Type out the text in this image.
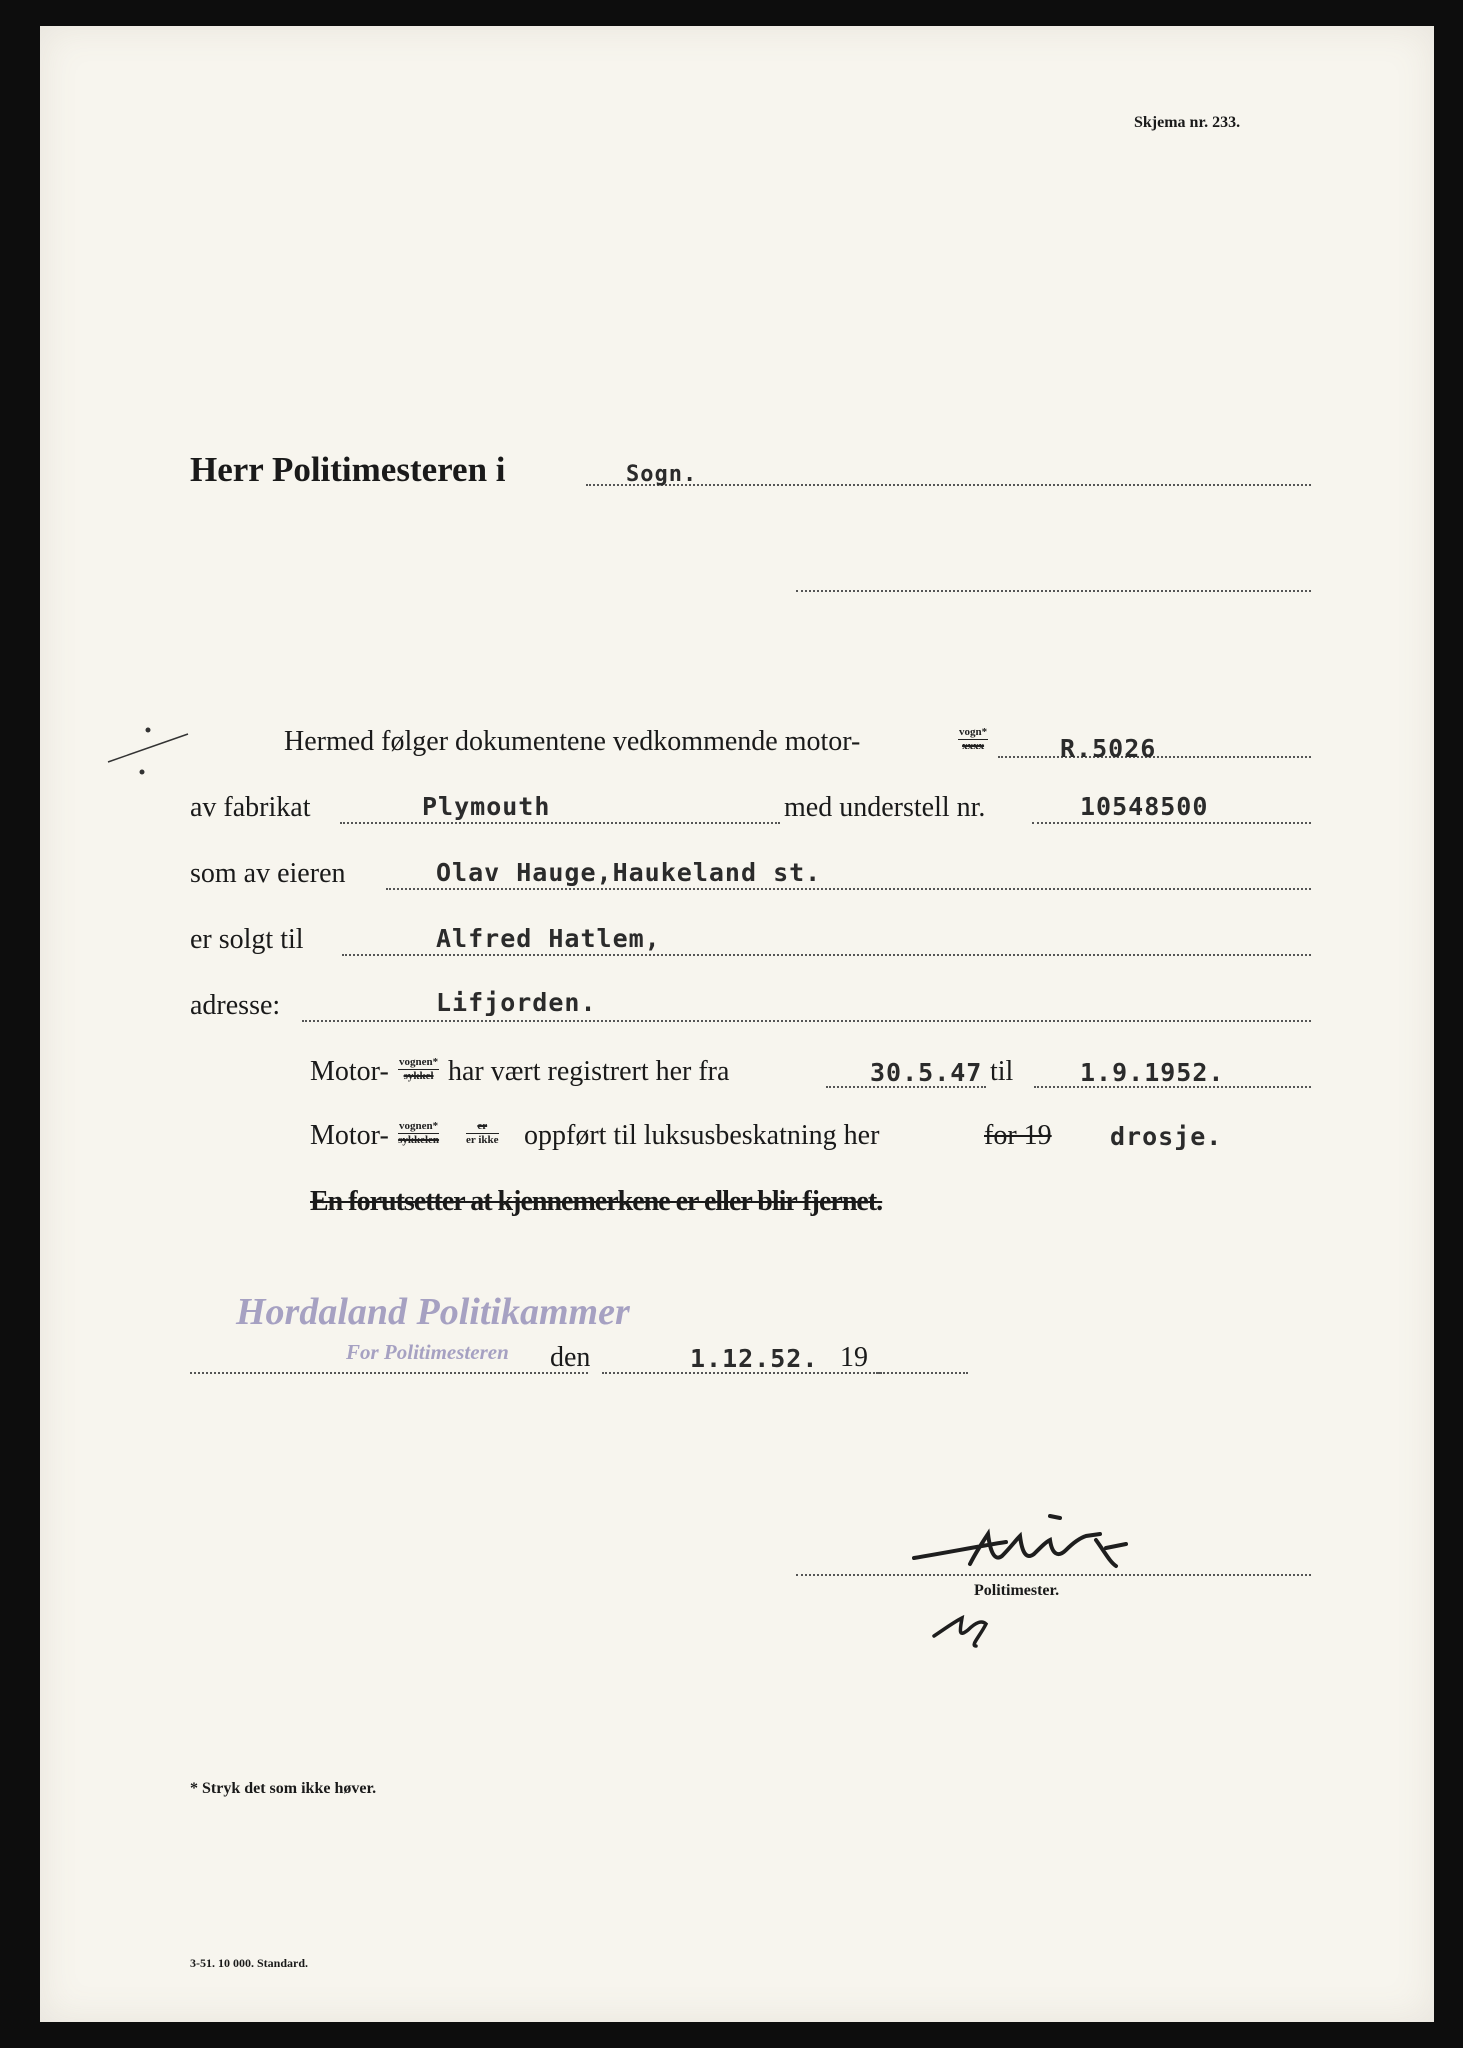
Skjema nr. 233.
Herr Politimesteren i	Sogn.
Hermed følger dokumentene vedkommende motor-	vogn*
xxxx	R.5026
av fabrikat	Plymouth	med understell nr.	10548500
som av eieren	Olav Hauge,Haukeland st.
er solgt til	Alfred Hatlem,
adresse:	Lifjorden.
Motor- vognen*
sykkel har vært registrert her fra	30.5.47 til	1.9.1952.
Motor- vognen*
sykkelen
er
er ikke oppført til luksusbeskatning her	for 19 drosje.
En forutsetter at kjennemerkene er eller blir fjernet.
Hordaland Politikammer
For Politimesteren den	1.12.52. 19
Politimester.
* Stryk det som ikke høver.
3-51. 10 000. Standard.
